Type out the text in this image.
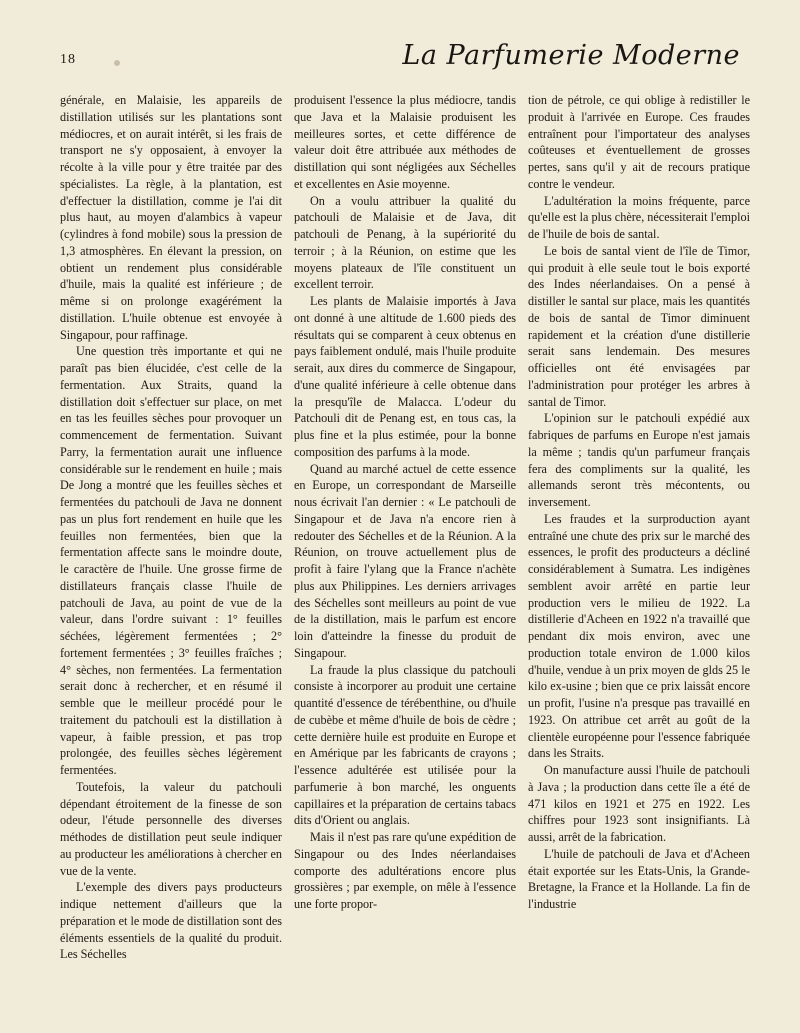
18	La Parfumerie Moderne

générale, en Malaisie, les appareils de distillation utilisés sur les plantations sont médiocres, et on aurait intérêt, si les frais de transport ne s'y opposaient, à envoyer la récolte à la ville pour y être traitée par des spécialistes. La règle, à la plantation, est d'effectuer la distillation, comme je l'ai dit plus haut, au moyen d'alambics à vapeur (cylindres à fond mobile) sous la pression de 1,3 atmosphères. En élevant la pression, on obtient un rendement plus considérable d'huile, mais la qualité est inférieure ; de même si on prolonge exagérément la distillation. L'huile obtenue est envoyée à Singapour, pour raffinage.

Une question très importante et qui ne paraît pas bien élucidée, c'est celle de la fermentation. Aux Straits, quand la distillation doit s'effectuer sur place, on met en tas les feuilles sèches pour provoquer un commencement de fermentation. Suivant Parry, la fermentation aurait une influence considérable sur le rendement en huile ; mais De Jong a montré que les feuilles sèches et fermentées du patchouli de Java ne donnent pas un plus fort rendement en huile que les feuilles non fermentées, bien que la fermentation affecte sans le moindre doute, le caractère de l'huile. Une grosse firme de distillateurs français classe l'huile de patchouli de Java, au point de vue de la valeur, dans l'ordre suivant : 1° feuilles séchées, légèrement fermentées ; 2° fortement fermentées ; 3° feuilles fraîches ; 4° sèches, non fermentées. La fermentation serait donc à rechercher, et en résumé il semble que le meilleur procédé pour le traitement du patchouli est la distillation à vapeur, à faible pression, et pas trop prolongée, des feuilles sèches légèrement fermentées.

Toutefois, la valeur du patchouli dépendant étroitement de la finesse de son odeur, l'étude personnelle des diverses méthodes de distillation peut seule indiquer au producteur les améliorations à chercher en vue de la vente.

L'exemple des divers pays producteurs indique nettement d'ailleurs que la préparation et le mode de distillation sont des éléments essentiels de la qualité du produit. Les Séchelles

produisent l'essence la plus médiocre, tandis que Java et la Malaisie produisent les meilleures sortes, et cette différence de valeur doit être attribuée aux méthodes de distillation qui sont négligées aux Séchelles et excellentes en Asie moyenne.

On a voulu attribuer la qualité du patchouli de Malaisie et de Java, dit patchouli de Penang, à la supériorité du terroir ; à la Réunion, on estime que les moyens plateaux de l'île constituent un excellent terroir.

Les plants de Malaisie importés à Java ont donné à une altitude de 1.600 pieds des résultats qui se comparent à ceux obtenus en pays faiblement ondulé, mais l'huile produite serait, aux dires du commerce de Singapour, d'une qualité inférieure à celle obtenue dans la presqu'île de Malacca. L'odeur du Patchouli dit de Penang est, en tous cas, la plus fine et la plus estimée, pour la bonne composition des parfums à la mode.

Quand au marché actuel de cette essence en Europe, un correspondant de Marseille nous écrivait l'an dernier : « Le patchouli de Singapour et de Java n'a encore rien à redouter des Séchelles et de la Réunion. A la Réunion, on trouve actuellement plus de profit à faire l'ylang que la France n'achète plus aux Philippines. Les derniers arrivages des Séchelles sont meilleurs au point de vue de la distillation, mais le parfum est encore loin d'atteindre la finesse du produit de Singapour.

La fraude la plus classique du patchouli consiste à incorporer au produit une certaine quantité d'essence de térébenthine, ou d'huile de cubèbe et même d'huile de bois de cèdre ; cette dernière huile est produite en Europe et en Amérique par les fabricants de crayons ; l'essence adultérée est utilisée pour la parfumerie à bon marché, les onguents capillaires et la préparation de certains tabacs dits d'Orient ou anglais.

Mais il n'est pas rare qu'une expédition de Singapour ou des Indes néerlandaises comporte des adultérations encore plus grossières ; par exemple, on mêle à l'essence une forte propor-

tion de pétrole, ce qui oblige à redistiller le produit à l'arrivée en Europe. Ces fraudes entraînent pour l'importateur des analyses coûteuses et éventuellement de grosses pertes, sans qu'il y ait de recours pratique contre le vendeur.

L'adultération la moins fréquente, parce qu'elle est la plus chère, nécessiterait l'emploi de l'huile de bois de santal.

Le bois de santal vient de l'île de Timor, qui produit à elle seule tout le bois exporté des Indes néerlandaises. On a pensé à distiller le santal sur place, mais les quantités de bois de santal de Timor diminuent rapidement et la création d'une distillerie serait sans lendemain. Des mesures officielles ont été envisagées par l'administration pour protéger les arbres à santal de Timor.

L'opinion sur le patchouli expédié aux fabriques de parfums en Europe n'est jamais la même ; tandis qu'un parfumeur français fera des compliments sur la qualité, les allemands seront très mécontents, ou inversement.

Les fraudes et la surproduction ayant entraîné une chute des prix sur le marché des essences, le profit des producteurs a décliné considérablement à Sumatra. Les indigènes semblent avoir arrêté en partie leur production vers le milieu de 1922. La distillerie d'Acheen en 1922 n'a travaillé que pendant dix mois environ, avec une production totale environ de 1.000 kilos d'huile, vendue à un prix moyen de glds 25 le kilo ex-usine ; bien que ce prix laissât encore un profit, l'usine n'a presque pas travaillé en 1923. On attribue cet arrêt au goût de la clientèle européenne pour l'essence fabriquée dans les Straits.

On manufacture aussi l'huile de patchouli à Java ; la production dans cette île a été de 471 kilos en 1921 et 275 en 1922. Les chiffres pour 1923 sont insignifiants. Là aussi, arrêt de la fabrication.

L'huile de patchouli de Java et d'Acheen était exportée sur les Etats-Unis, la Grande-Bretagne, la France et la Hollande. La fin de l'industrie
